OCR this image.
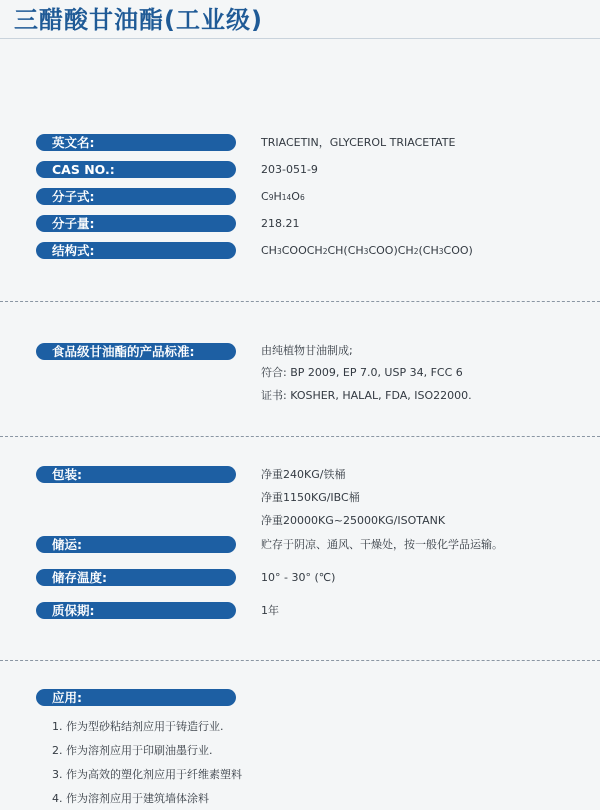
三醋酸甘油酯(工业级)
英文名:	TRIACETIN，GLYCEROL TRIACETATE
CAS NO.:	203-051-9
分子式:	C9H14O6
分子量:	218.21
结构式:	CH3COOCH2CH(CH3COO)CH2(CH3COO)
食品级甘油酯的产品标准:	由纯植物甘油制成;
符合: BP 2009, EP 7.0, USP 34, FCC 6
证书: KOSHER, HALAL, FDA, ISO22000.
包装:	净重240KG/铁桶
净重1150KG/IBC桶
净重20000KG~25000KG/ISOTANK
储运:	贮存于阴凉、通风、干燥处，按一般化学品运输。
储存温度:	10° - 30° (℃)
质保期:	1年
应用:
1. 作为型砂粘结剂应用于铸造行业.
2. 作为溶剂应用于印刷油墨行业.
3. 作为高效的塑化剂应用于纤维素塑料
4. 作为溶剂应用于建筑墙体涂料
